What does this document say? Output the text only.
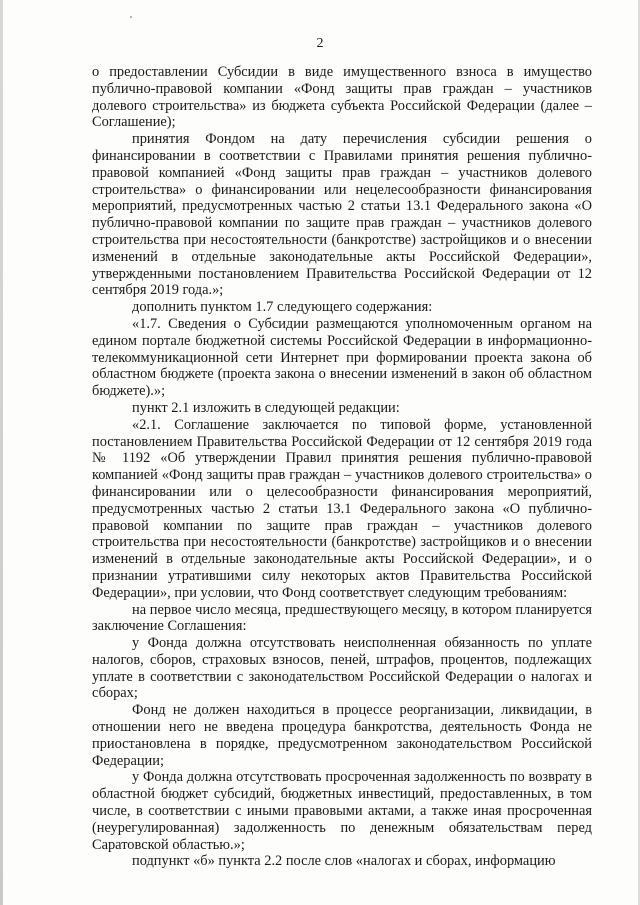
2

о предоставлении Субсидии в виде имущественного взноса в имущество публично-правовой компании «Фонд защиты прав граждан – участников долевого строительства» из бюджета субъекта Российской Федерации (далее – Соглашение);

принятия Фондом на дату перечисления субсидии решения о финансировании в соответствии с Правилами принятия решения публично-правовой компанией «Фонд защиты прав граждан – участников долевого строительства» о финансировании или нецелесообразности финансирования мероприятий, предусмотренных частью 2 статьи 13.1 Федерального закона «О публично-правовой компании по защите прав граждан – участников долевого строительства при несостоятельности (банкротстве) застройщиков и о внесении изменений в отдельные законодательные акты Российской Федерации», утвержденными постановлением Правительства Российской Федерации от 12 сентября 2019 года.»;

дополнить пунктом 1.7 следующего содержания:

«1.7. Сведения о Субсидии размещаются уполномоченным органом на едином портале бюджетной системы Российской Федерации в информационно-телекоммуникационной сети Интернет при формировании проекта закона об областном бюджете (проекта закона о внесении изменений в закон об областном бюджете).»;

пункт 2.1 изложить в следующей редакции:

«2.1. Соглашение заключается по типовой форме, установленной постановлением Правительства Российской Федерации от 12 сентября 2019 года № 1192 «Об утверждении Правил принятия решения публично-правовой компанией «Фонд защиты прав граждан – участников долевого строительства» о финансировании или о целесообразности финансирования мероприятий, предусмотренных частью 2 статьи 13.1 Федерального закона «О публично-правовой компании по защите прав граждан – участников долевого строительства при несостоятельности (банкротстве) застройщиков и о внесении изменений в отдельные законодательные акты Российской Федерации», и о признании утратившими силу некоторых актов Правительства Российской Федерации», при условии, что Фонд соответствует следующим требованиям:

на первое число месяца, предшествующего месяцу, в котором планируется заключение Соглашения:

у Фонда должна отсутствовать неисполненная обязанность по уплате налогов, сборов, страховых взносов, пеней, штрафов, процентов, подлежащих уплате в соответствии с законодательством Российской Федерации о налогах и сборах;

Фонд не должен находиться в процессе реорганизации, ликвидации, в отношении него не введена процедура банкротства, деятельность Фонда не приостановлена в порядке, предусмотренном законодательством Российской Федерации;

у Фонда должна отсутствовать просроченная задолженность по возврату в областной бюджет субсидий, бюджетных инвестиций, предоставленных, в том числе, в соответствии с иными правовыми актами, а также иная просроченная (неурегулированная) задолженность по денежным обязательствам перед Саратовской областью.»;

подпункт «б» пункта 2.2 после слов «налогах и сборах, информацию
